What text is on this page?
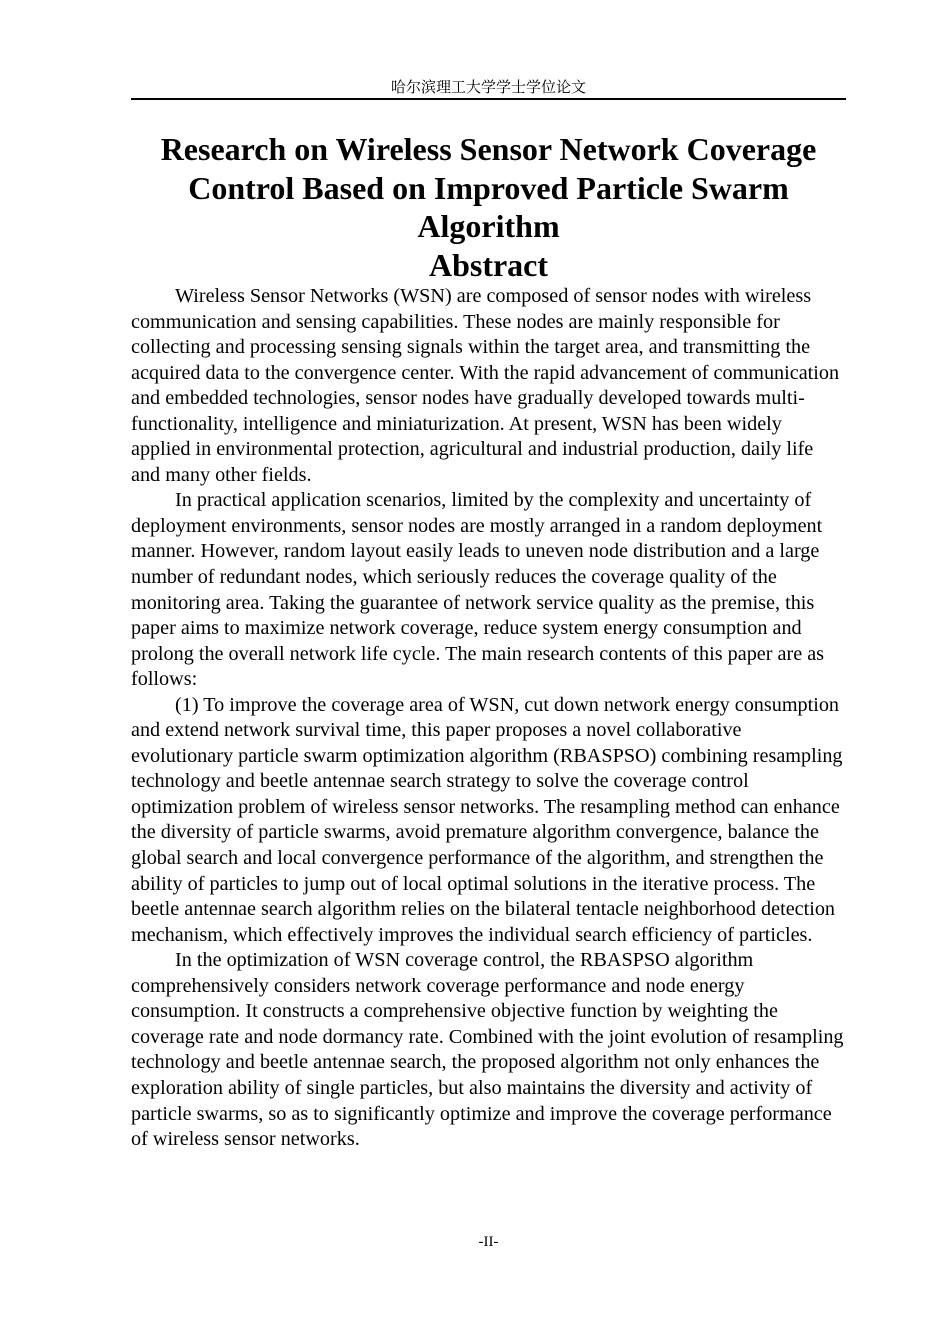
哈尔滨理工大学学士学位论文
Research on Wireless Sensor Network Coverage Control Based on Improved Particle Swarm Algorithm
Abstract

Wireless Sensor Networks (WSN) are composed of sensor nodes with wireless communication and sensing capabilities. These nodes are mainly responsible for collecting and processing sensing signals within the target area, and transmitting the acquired data to the convergence center. With the rapid advancement of communication and embedded technologies, sensor nodes have gradually developed towards multi-functionality, intelligence and miniaturization. At present, WSN has been widely applied in environmental protection, agricultural and industrial production, daily life and many other fields.

In practical application scenarios, limited by the complexity and uncertainty of deployment environments, sensor nodes are mostly arranged in a random deployment manner. However, random layout easily leads to uneven node distribution and a large number of redundant nodes, which seriously reduces the coverage quality of the monitoring area. Taking the guarantee of network service quality as the premise, this paper aims to maximize network coverage, reduce system energy consumption and prolong the overall network life cycle. The main research contents of this paper are as follows:

(1) To improve the coverage area of WSN, cut down network energy consumption and extend network survival time, this paper proposes a novel collaborative evolutionary particle swarm optimization algorithm (RBASPSO) combining resampling technology and beetle antennae search strategy to solve the coverage control optimization problem of wireless sensor networks. The resampling method can enhance the diversity of particle swarms, avoid premature algorithm convergence, balance the global search and local convergence performance of the algorithm, and strengthen the ability of particles to jump out of local optimal solutions in the iterative process. The beetle antennae search algorithm relies on the bilateral tentacle neighborhood detection mechanism, which effectively improves the individual search efficiency of particles.

In the optimization of WSN coverage control, the RBASPSO algorithm comprehensively considers network coverage performance and node energy consumption. It constructs a comprehensive objective function by weighting the coverage rate and node dormancy rate. Combined with the joint evolution of resampling technology and beetle antennae search, the proposed algorithm not only enhances the exploration ability of single particles, but also maintains the diversity and activity of particle swarms, so as to significantly optimize and improve the coverage performance of wireless sensor networks.

-II-
